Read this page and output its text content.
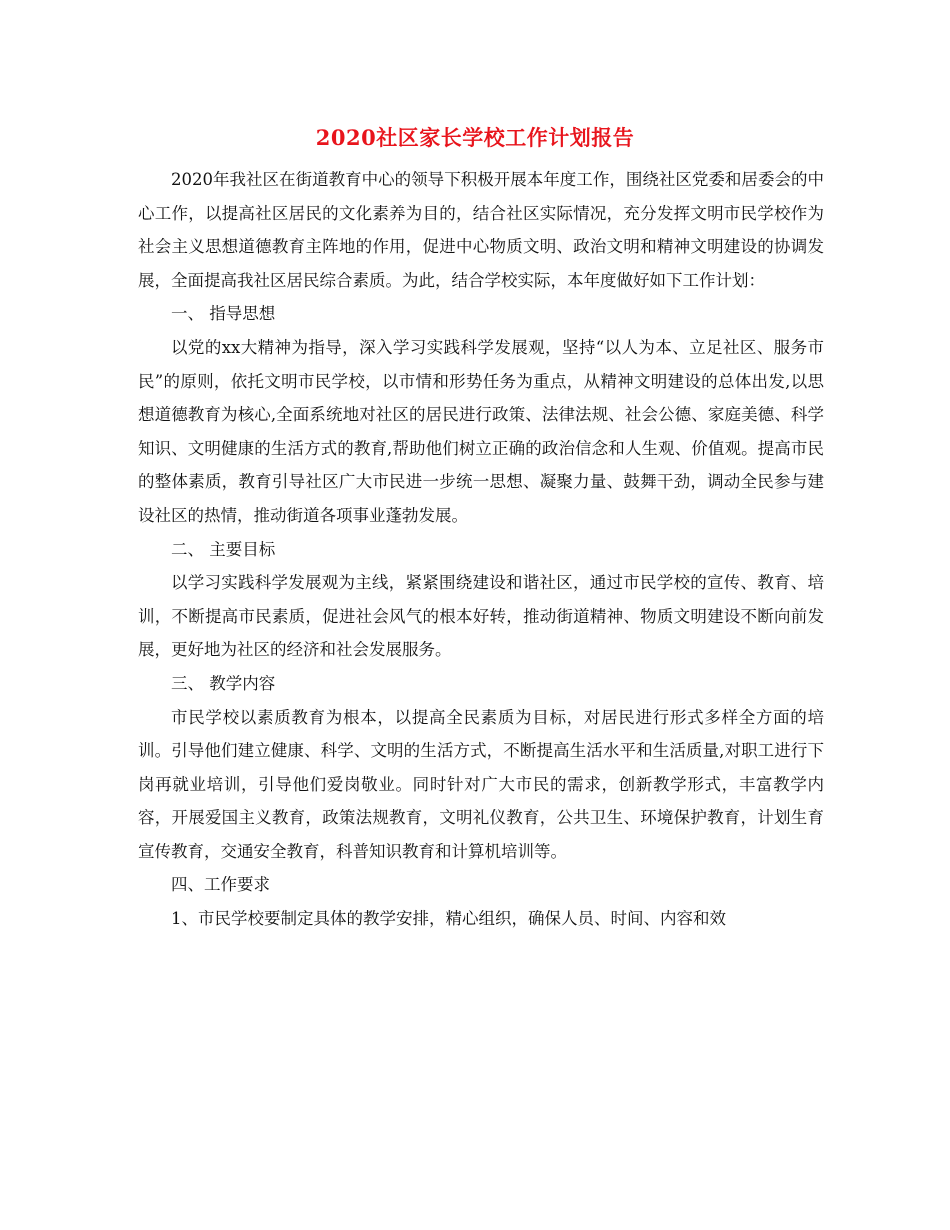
2020社区家长学校工作计划报告

2020年我社区在街道教育中心的领导下积极开展本年度工作，围绕社区党委和居委会的中心工作，以提高社区居民的文化素养为目的，结合社区实际情况，充分发挥文明市民学校作为社会主义思想道德教育主阵地的作用，促进中心物质文明、政治文明和精神文明建设的协调发展，全面提高我社区居民综合素质。为此，结合学校实际，本年度做好如下工作计划：

一、 指导思想

以党的xx大精神为指导，深入学习实践科学发展观，坚持“以人为本、立足社区、服务市民”的原则，依托文明市民学校，以市情和形势任务为重点，从精神文明建设的总体出发,以思想道德教育为核心,全面系统地对社区的居民进行政策、法律法规、社会公德、家庭美德、科学知识、文明健康的生活方式的教育,帮助他们树立正确的政治信念和人生观、价值观。提高市民的整体素质，教育引导社区广大市民进一步统一思想、凝聚力量、鼓舞干劲，调动全民参与建设社区的热情，推动街道各项事业蓬勃发展。

二、 主要目标

以学习实践科学发展观为主线，紧紧围绕建设和谐社区，通过市民学校的宣传、教育、培训，不断提高市民素质，促进社会风气的根本好转，推动街道精神、物质文明建设不断向前发展，更好地为社区的经济和社会发展服务。

三、 教学内容

市民学校以素质教育为根本，以提高全民素质为目标，对居民进行形式多样全方面的培训。引导他们建立健康、科学、文明的生活方式，不断提高生活水平和生活质量,对职工进行下岗再就业培训，引导他们爱岗敬业。同时针对广大市民的需求，创新教学形式，丰富教学内容，开展爱国主义教育，政策法规教育，文明礼仪教育，公共卫生、环境保护教育，计划生育宣传教育，交通安全教育，科普知识教育和计算机培训等。

四、工作要求

1、市民学校要制定具体的教学安排，精心组织，确保人员、时间、内容和效
